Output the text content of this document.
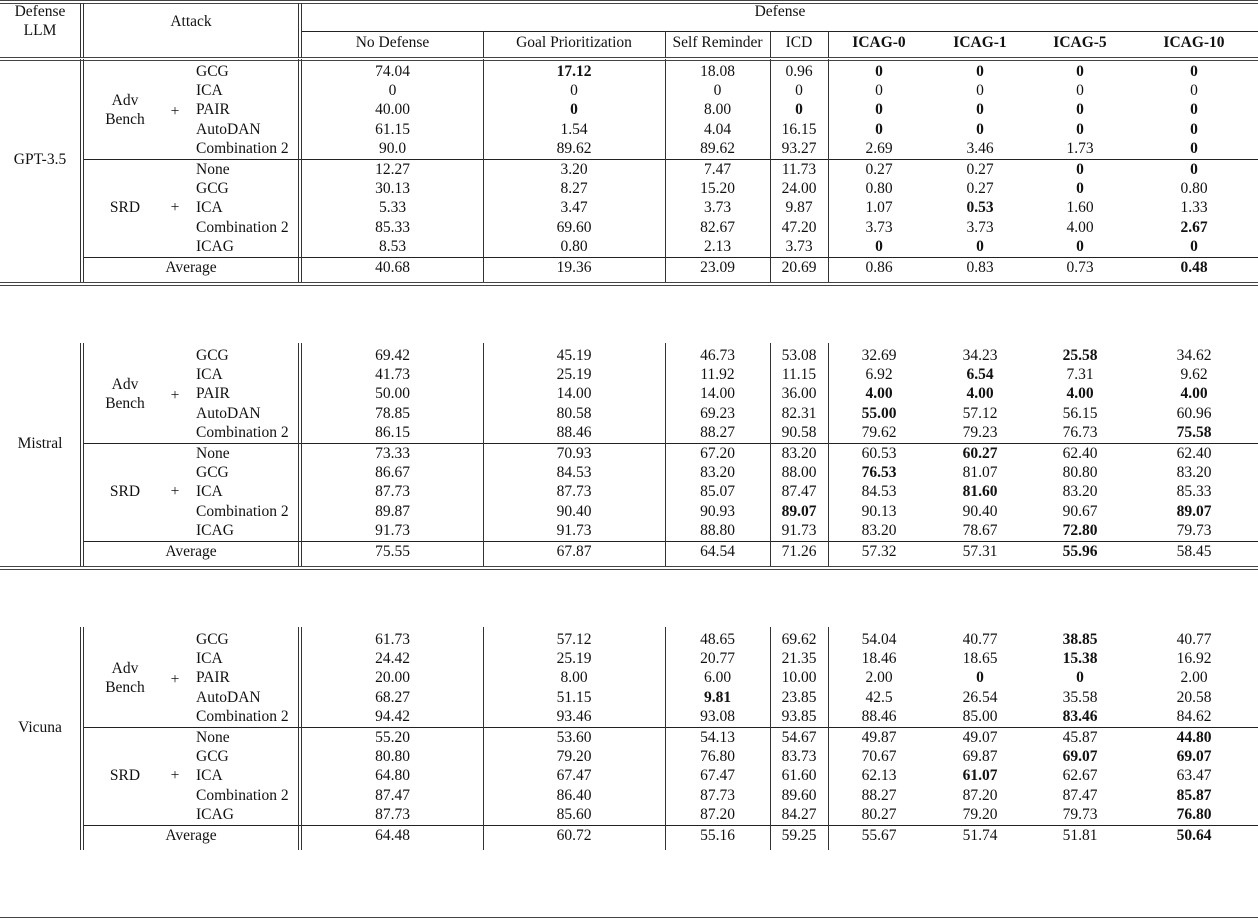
Defense
LLM
Attack
Defense
No Defense	Goal Prioritization	Self Reminder	ICD	ICAG-0	ICAG-1	ICAG-5	ICAG-10
GPT-3.5
Adv
Bench	+
SRD	+
GCG	74.04	17.12	18.08	0.96	0	0	0	0
ICA	0	0	0	0	0	0	0	0
PAIR	40.00	0	8.00	0	0	0	0	0
AutoDAN	61.15	1.54	4.04	16.15	0	0	0	0
Combination 2	90.0	89.62	89.62	93.27	2.69	3.46	1.73	0
None	12.27	3.20	7.47	11.73	0.27	0.27	0	0
GCG	30.13	8.27	15.20	24.00	0.80	0.27	0	0.80
ICA	5.33	3.47	3.73	9.87	1.07	0.53	1.60	1.33
Combination 2	85.33	69.60	82.67	47.20	3.73	3.73	4.00	2.67
ICAG	8.53	0.80	2.13	3.73	0	0	0	0
Average	40.68	19.36	23.09	20.69	0.86	0.83	0.73	0.48
Mistral
Adv
Bench	+
SRD	+
GCG	69.42	45.19	46.73	53.08	32.69	34.23	25.58	34.62
ICA	41.73	25.19	11.92	11.15	6.92	6.54	7.31	9.62
PAIR	50.00	14.00	14.00	36.00	4.00	4.00	4.00	4.00
AutoDAN	78.85	80.58	69.23	82.31	55.00	57.12	56.15	60.96
Combination 2	86.15	88.46	88.27	90.58	79.62	79.23	76.73	75.58
None	73.33	70.93	67.20	83.20	60.53	60.27	62.40	62.40
GCG	86.67	84.53	83.20	88.00	76.53	81.07	80.80	83.20
ICA	87.73	87.73	85.07	87.47	84.53	81.60	83.20	85.33
Combination 2	89.87	90.40	90.93	89.07	90.13	90.40	90.67	89.07
ICAG	91.73	91.73	88.80	91.73	83.20	78.67	72.80	79.73
Average	75.55	67.87	64.54	71.26	57.32	57.31	55.96	58.45
Vicuna
Adv
Bench	+
SRD	+
GCG	61.73	57.12	48.65	69.62	54.04	40.77	38.85	40.77
ICA	24.42	25.19	20.77	21.35	18.46	18.65	15.38	16.92
PAIR	20.00	8.00	6.00	10.00	2.00	0	0	2.00
AutoDAN	68.27	51.15	9.81	23.85	42.5	26.54	35.58	20.58
Combination 2	94.42	93.46	93.08	93.85	88.46	85.00	83.46	84.62
None	55.20	53.60	54.13	54.67	49.87	49.07	45.87	44.80
GCG	80.80	79.20	76.80	83.73	70.67	69.87	69.07	69.07
ICA	64.80	67.47	67.47	61.60	62.13	61.07	62.67	63.47
Combination 2	87.47	86.40	87.73	89.60	88.27	87.20	87.47	85.87
ICAG	87.73	85.60	87.20	84.27	80.27	79.20	79.73	76.80
Average	64.48	60.72	55.16	59.25	55.67	51.74	51.81	50.64
